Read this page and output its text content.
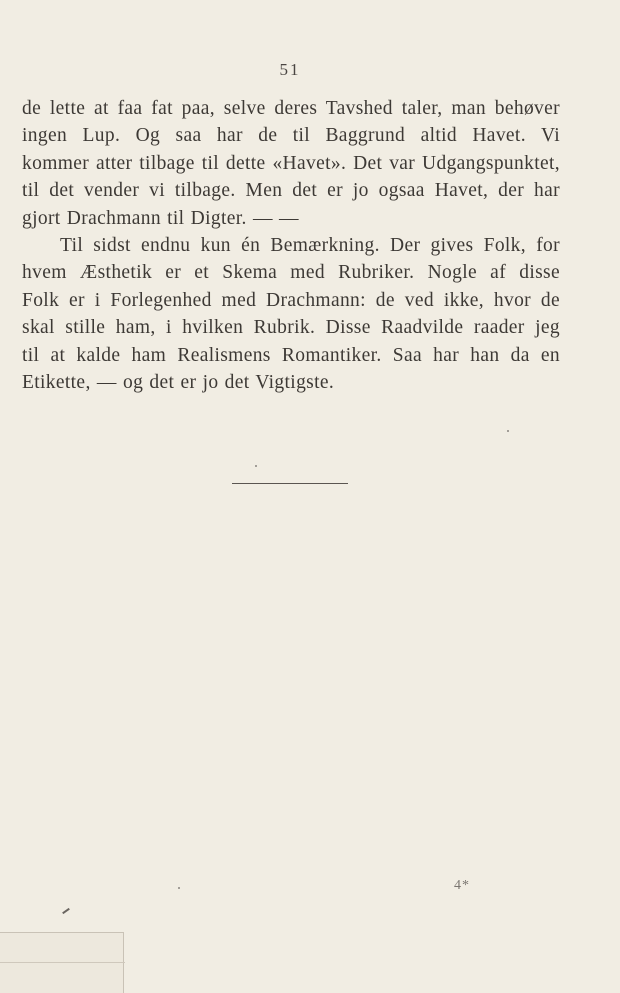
51
de lette at faa fat paa, selve deres Tavshed taler, man behøver
ingen Lup. Og saa har de til Baggrund altid Havet. Vi
kommer atter tilbage til dette «Havet». Det var Udgangspunktet,
til det vender vi tilbage. Men det er jo ogsaa Havet, der har
gjort Drachmann til Digter. — —
Til sidst endnu kun én Bemærkning. Der gives Folk, for
hvem Æsthetik er et Skema med Rubriker. Nogle af disse
Folk er i Forlegenhed med Drachmann: de ved ikke, hvor de
skal stille ham, i hvilken Rubrik. Disse Raadvilde raader jeg
til at kalde ham Realismens Romantiker. Saa har han da en
Etikette, — og det er jo det Vigtigste.
4*
